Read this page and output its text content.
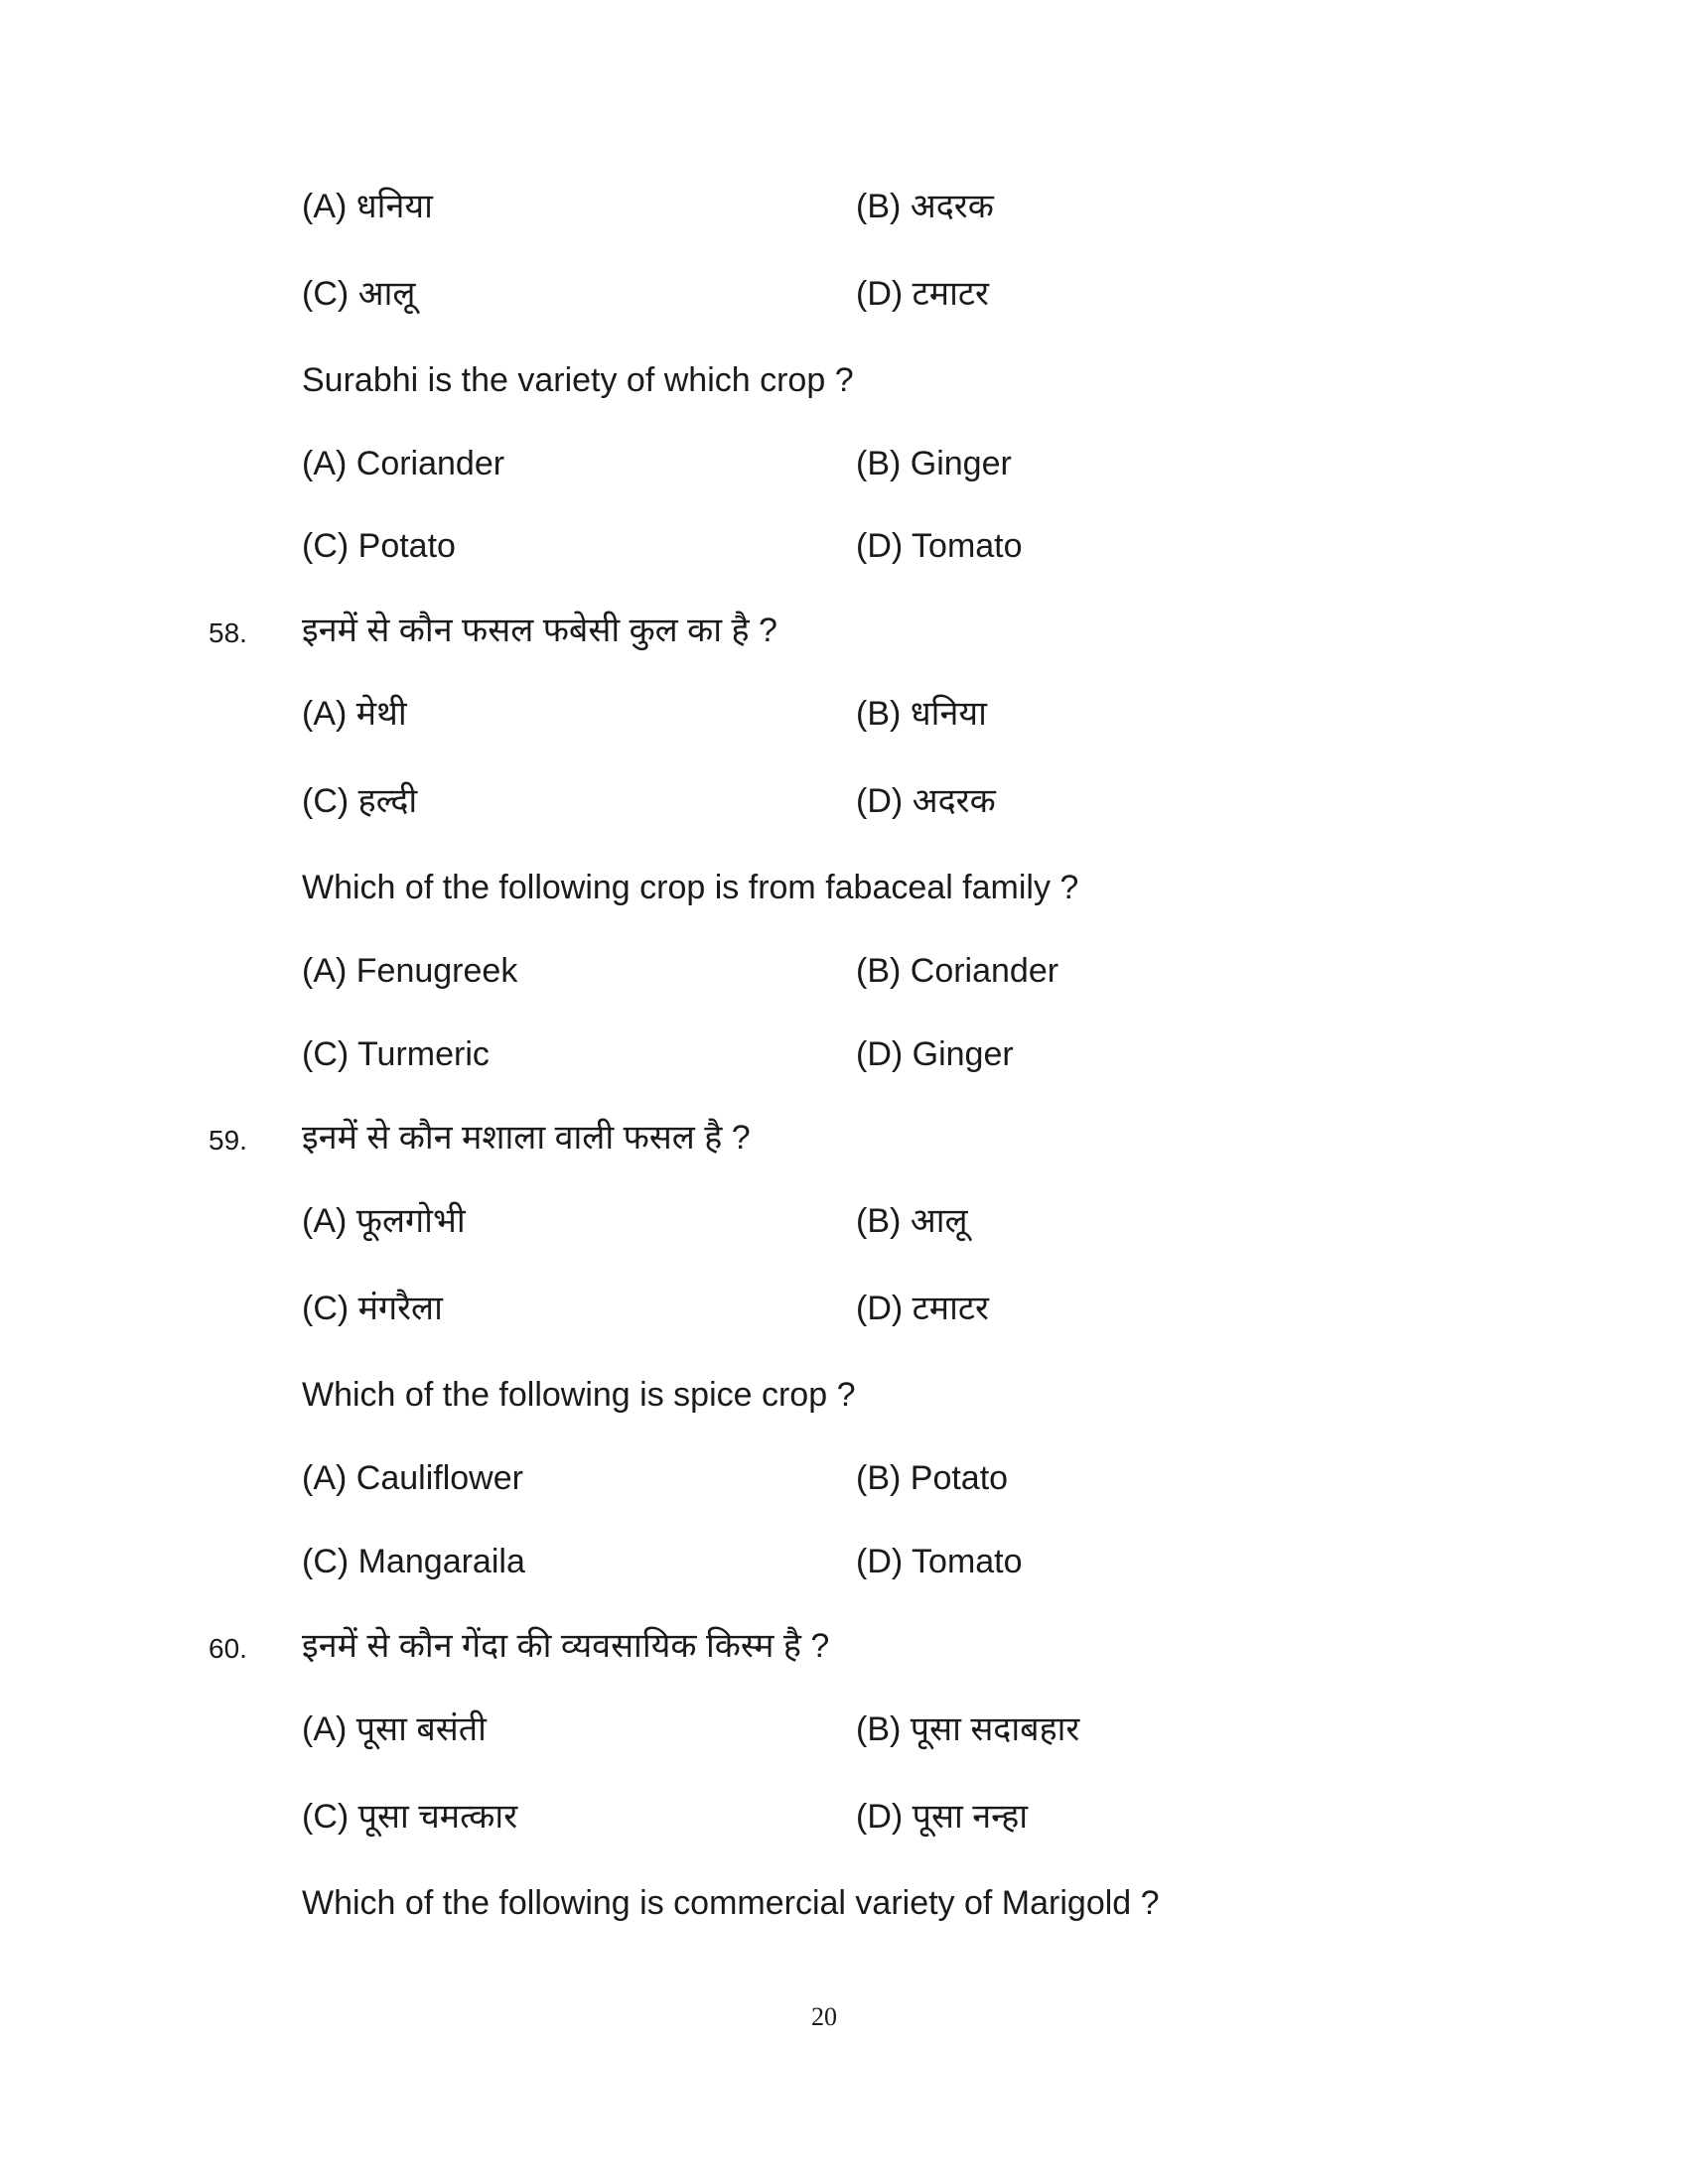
(A) धनिया	(B) अदरक
(C) आलू	(D) टमाटर
Surabhi is the variety of which crop ?
(A) Coriander	(B) Ginger
(C) Potato	(D) Tomato
58. इनमें से कौन फसल फबेसी कुल का है ?
(A) मेथी	(B) धनिया
(C) हल्दी	(D) अदरक
Which of the following crop is from fabaceal family ?
(A) Fenugreek	(B) Coriander
(C) Turmeric	(D) Ginger
59. इनमें से कौन मशाला वाली फसल है ?
(A) फूलगोभी	(B) आलू
(C) मंगरैला	(D) टमाटर
Which of the following is spice crop ?
(A) Cauliflower	(B) Potato
(C) Mangaraila	(D) Tomato
60. इनमें से कौन गेंदा की व्यवसायिक किस्म है ?
(A) पूसा बसंती	(B) पूसा सदाबहार
(C) पूसा चमत्कार	(D) पूसा नन्हा
Which of the following is commercial variety of Marigold ?
20
